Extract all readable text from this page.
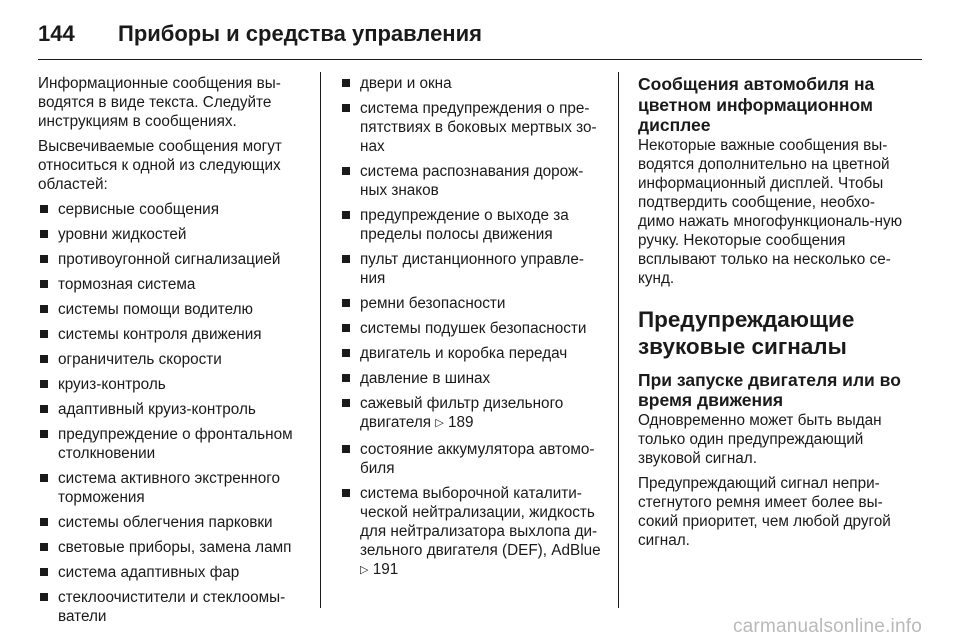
144	Приборы и средства управления

Информационные сообщения вы-водятся в виде текста. Следуйте инструкциям в сообщениях.

Высвечиваемые сообщения могут относиться к одной из следующих областей:

сервисные сообщения
уровни жидкостей
противоугонной сигнализацией
тормозная система
системы помощи водителю
системы контроля движения
ограничитель скорости
круиз-контроль
адаптивный круиз-контроль
предупреждение о фронтальном столкновении
система активного экстренного торможения
системы облегчения парковки
световые приборы, замена ламп
система адаптивных фар
стеклоочистители и стеклоомы-ватели
двери и окна
система предупреждения о пре-пятствиях в боковых мертвых зо-нах
система распознавания дорож-ных знаков
предупреждение о выходе за пределы полосы движения
пульт дистанционного управле-ния
ремни безопасности
системы подушек безопасности
двигатель и коробка передач
давление в шинах
сажевый фильтр дизельного двигателя ▷ 189
состояние аккумулятора автомо-биля
система выборочной каталити-ческой нейтрализации, жидкость для нейтрализатора выхлопа ди-зельного двигателя (DEF), AdBlue ▷ 191
Сообщения автомобиля на цветном информационном дисплее

Некоторые важные сообщения вы-водятся дополнительно на цветной информационный дисплей. Чтобы подтвердить сообщение, необхо-димо нажать многофункциональ-ную ручку. Некоторые сообщения всплывают только на несколько се-кунд.

Предупреждающие звуковые сигналы
При запуске двигателя или во время движения

Одновременно может быть выдан только один предупреждающий звуковой сигнал.

Предупреждающий сигнал непри-стегнутого ремня имеет более вы-сокий приоритет, чем любой другой сигнал.

carmanualsonline.info
